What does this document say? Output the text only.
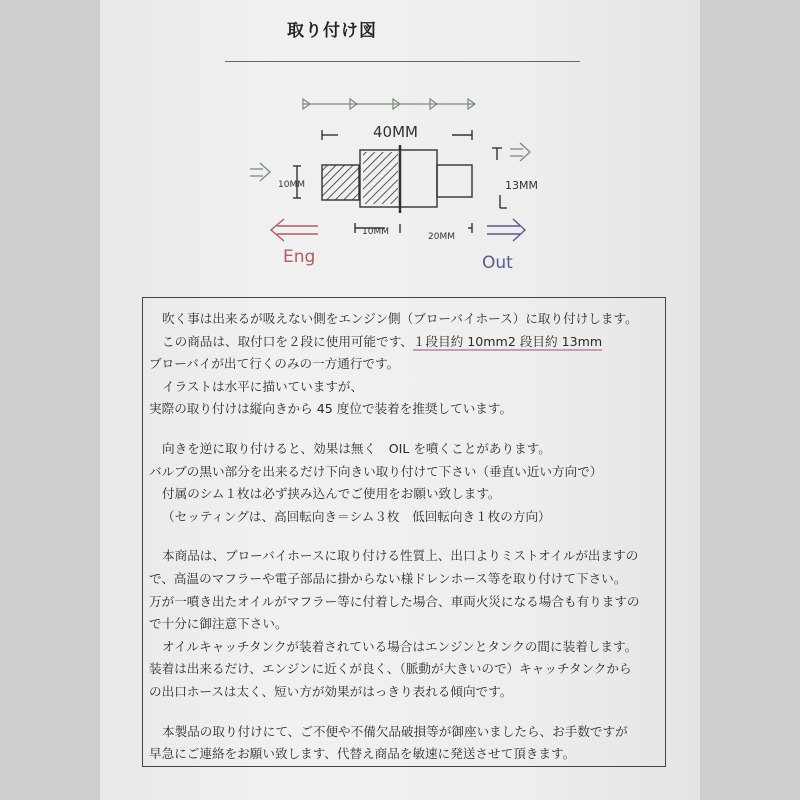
取り付け図
40MM
10MM	13MM
10MM	20MM
Eng	Out
吹く事は出来るが吸えない側をエンジン側（ブローバイホース）に取り付けします。
この商品は、取付口を２段に使用可能です、１段目約 10mm2 段目約 13mm
ブローバイが出て行くのみの一方通行です。
イラストは水平に描いていますが、
実際の取り付けは縦向きから 45 度位で装着を推奨しています。
向きを逆に取り付けると、効果は無く　OIL を噴くことがあります。
バルブの黒い部分を出来るだけ下向きい取り付けて下さい（垂直い近い方向で）
付属のシム１枚は必ず挟み込んでご使用をお願い致します。
（セッティングは、高回転向き＝シム３枚　低回転向き１枚の方向）
本商品は、ブローバイホースに取り付ける性質上、出口よりミストオイルが出ますの
で、高温のマフラーや電子部品に掛からない様ドレンホース等を取り付けて下さい。
万が一噴き出たオイルがマフラー等に付着した場合、車両火災になる場合も有りますの
で十分に御注意下さい。
オイルキャッチタンクが装着されている場合はエンジンとタンクの間に装着します。
装着は出来るだけ、エンジンに近くが良く、（脈動が大きいので）キャッチタンクから
の出口ホースは太く、短い方が効果がはっきり表れる傾向です。
本製品の取り付けにて、ご不便や不備欠品破損等が御座いましたら、お手数ですが
早急にご連絡をお願い致します、代替え商品を敏速に発送させて頂きます。
